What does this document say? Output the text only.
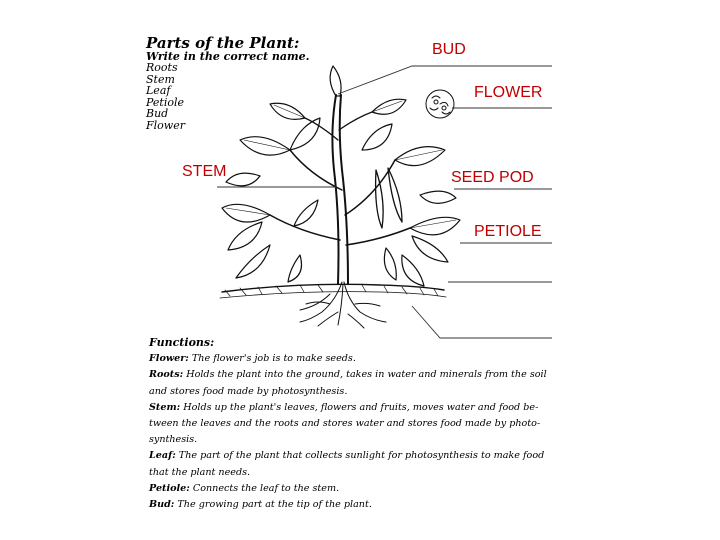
Parts of the Plant:
Write in the correct name.
Roots
Stem
Leaf
Petiole
Bud
Flower
BUD
FLOWER
STEM	SEED POD
PETIOLE
Functions:
Flower: The flower's job is to make seeds.
Roots: Holds the plant into the ground, takes in water and minerals from the soil
and stores food made by photosynthesis.
Stem: Holds up the plant's leaves, flowers and fruits, moves water and food be-
tween the leaves and the roots and stores water and stores food made by photo-
synthesis.
Leaf: The part of the plant that collects sunlight for photosynthesis to make food
that the plant needs.
Petiole: Connects the leaf to the stem.
Bud: The growing part at the tip of the plant.
